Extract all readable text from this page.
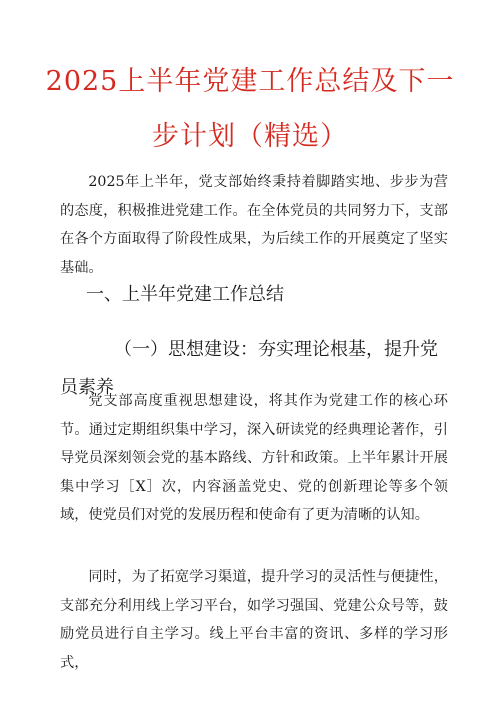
2025上半年党建工作总结及下一
步计划（精选）

2025年上半年，党支部始终秉持着脚踏实地、步步为营的态度，积极推进党建工作。在全体党员的共同努力下，支部在各个方面取得了阶段性成果，为后续工作的开展奠定了坚实基础。

一、上半年党建工作总结

（一）思想建设：夯实理论根基，提升党员素养

党支部高度重视思想建设，将其作为党建工作的核心环节。通过定期组织集中学习，深入研读党的经典理论著作，引导党员深刻领会党的基本路线、方针和政策。上半年累计开展集中学习［X］次，内容涵盖党史、党的创新理论等多个领域，使党员们对党的发展历程和使命有了更为清晰的认知。

同时，为了拓宽学习渠道，提升学习的灵活性与便捷性，支部充分利用线上学习平台，如学习强国、党建公众号等，鼓励党员进行自主学习。线上平台丰富的资讯、多样的学习形式，
